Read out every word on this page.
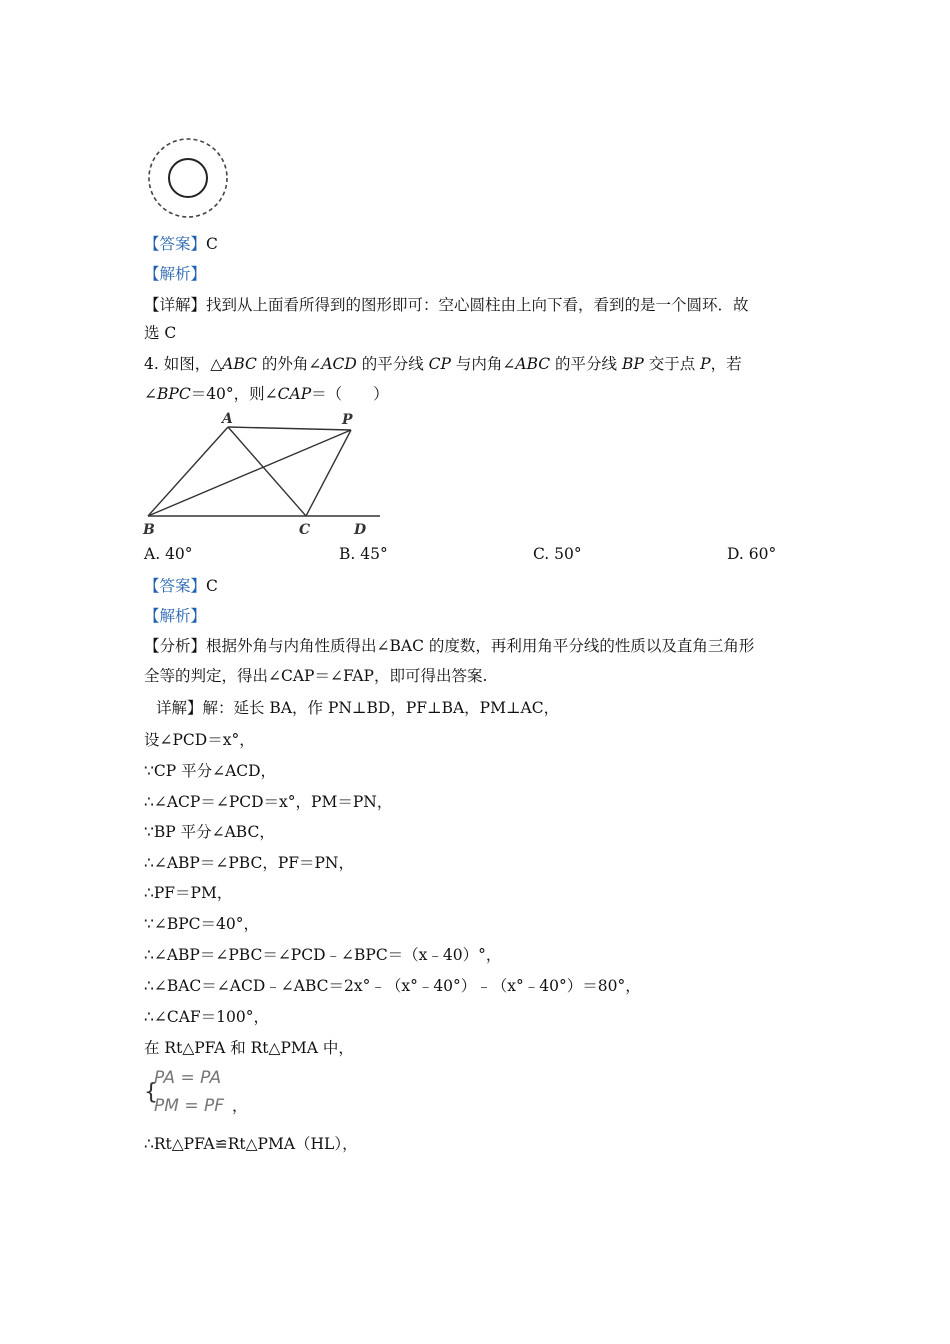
【答案】C
【解析】
【详解】找到从上面看所得到的图形即可：空心圆柱由上向下看，看到的是一个圆环．故
选 C
4. 如图，△ABC 的外角∠ACD 的平分线 CP 与内角∠ABC 的平分线 BP 交于点 P，若
∠BPC＝40°，则∠CAP＝（　　）
A	P
B	C	D
A. 40°	B. 45°	C. 50°	D. 60°
【答案】C
【解析】
【分析】根据外角与内角性质得出∠BAC 的度数，再利用角平分线的性质以及直角三角形
全等的判定，得出∠CAP＝∠FAP，即可得出答案.
详解】解：延长 BA，作 PN⊥BD，PF⊥BA，PM⊥AC，
设∠PCD＝x°，
∵CP 平分∠ACD，
∴∠ACP＝∠PCD＝x°，PM＝PN，
∵BP 平分∠ABC，
∴∠ABP＝∠PBC，PF＝PN，
∴PF＝PM，
∵∠BPC＝40°，
∴∠ABP＝∠PBC＝∠PCD﹣∠BPC＝（x﹣40）°，
∴∠BAC＝∠ACD﹣∠ABC＝2x°﹣（x°﹣40°）﹣（x°﹣40°）＝80°，
∴∠CAF＝100°，
在 Rt△PFA 和 Rt△PMA 中，
{
PA = PA
PM = PF ，
∴Rt△PFA≌Rt△PMA（HL），
